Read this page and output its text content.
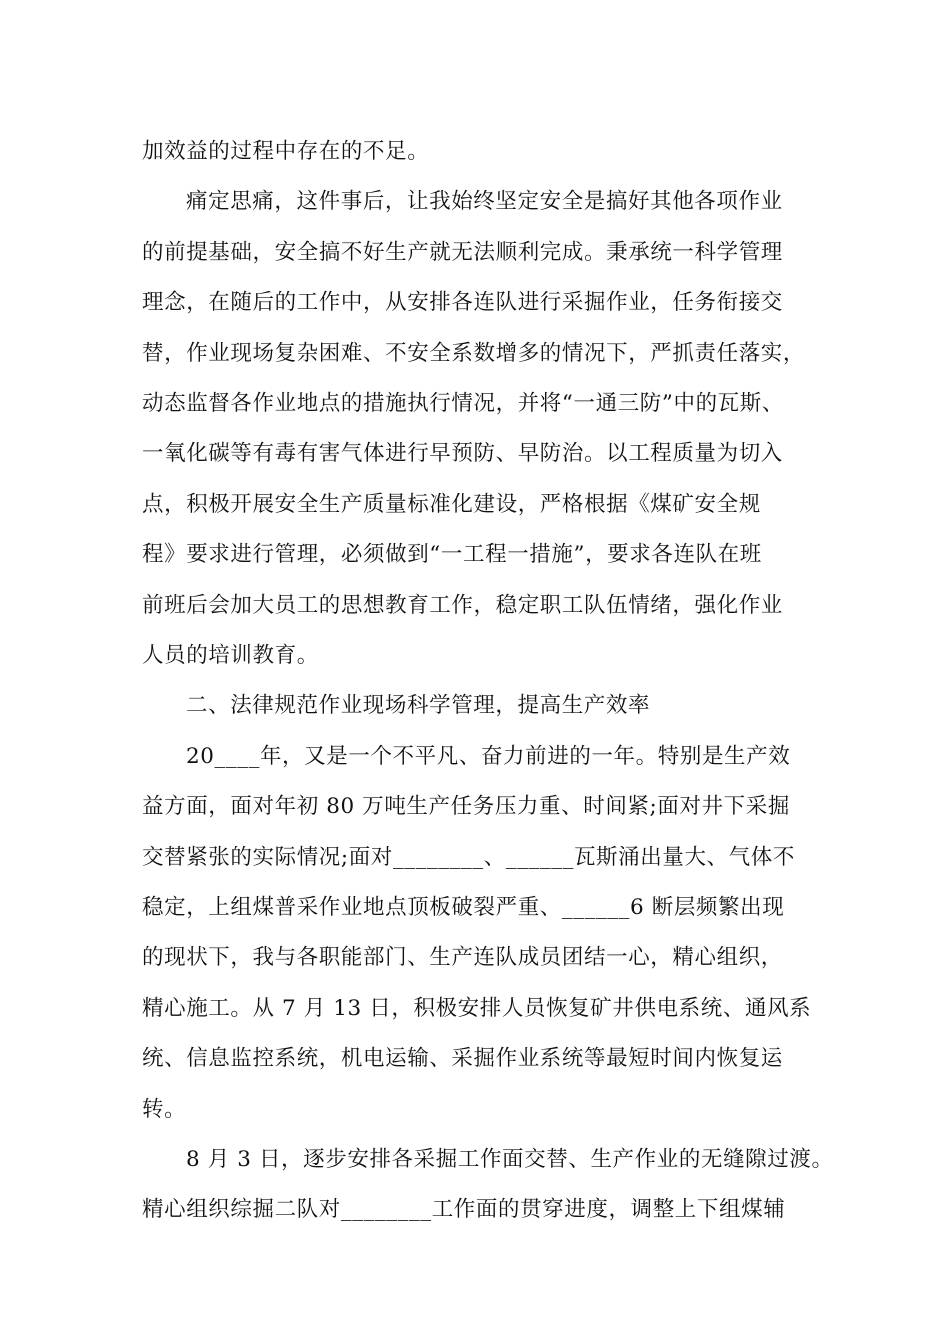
加效益的过程中存在的不足。
痛定思痛，这件事后，让我始终坚定安全是搞好其他各项作业
的前提基础，安全搞不好生产就无法顺利完成。秉承统一科学管理
理念，在随后的工作中，从安排各连队进行采掘作业，任务衔接交
替，作业现场复杂困难、不安全系数增多的情况下，严抓责任落实，
动态监督各作业地点的措施执行情况，并将“一通三防”中的瓦斯、
一氧化碳等有毒有害气体进行早预防、早防治。以工程质量为切入
点，积极开展安全生产质量标准化建设，严格根据《煤矿安全规
程》要求进行管理，必须做到“一工程一措施”，要求各连队在班
前班后会加大员工的思想教育工作，稳定职工队伍情绪，强化作业
人员的培训教育。
二、法律规范作业现场科学管理，提高生产效率
20____年，又是一个不平凡、奋力前进的一年。特别是生产效
益方面，面对年初 80 万吨生产任务压力重、时间紧;面对井下采掘
交替紧张的实际情况;面对________、______瓦斯涌出量大、气体不
稳定，上组煤普采作业地点顶板破裂严重、______6 断层频繁出现
的现状下，我与各职能部门、生产连队成员团结一心，精心组织，
精心施工。从 7 月 13 日，积极安排人员恢复矿井供电系统、通风系
统、信息监控系统，机电运输、采掘作业系统等最短时间内恢复运
转。
8 月 3 日，逐步安排各采掘工作面交替、生产作业的无缝隙过渡。
精心组织综掘二队对________工作面的贯穿进度，调整上下组煤辅
